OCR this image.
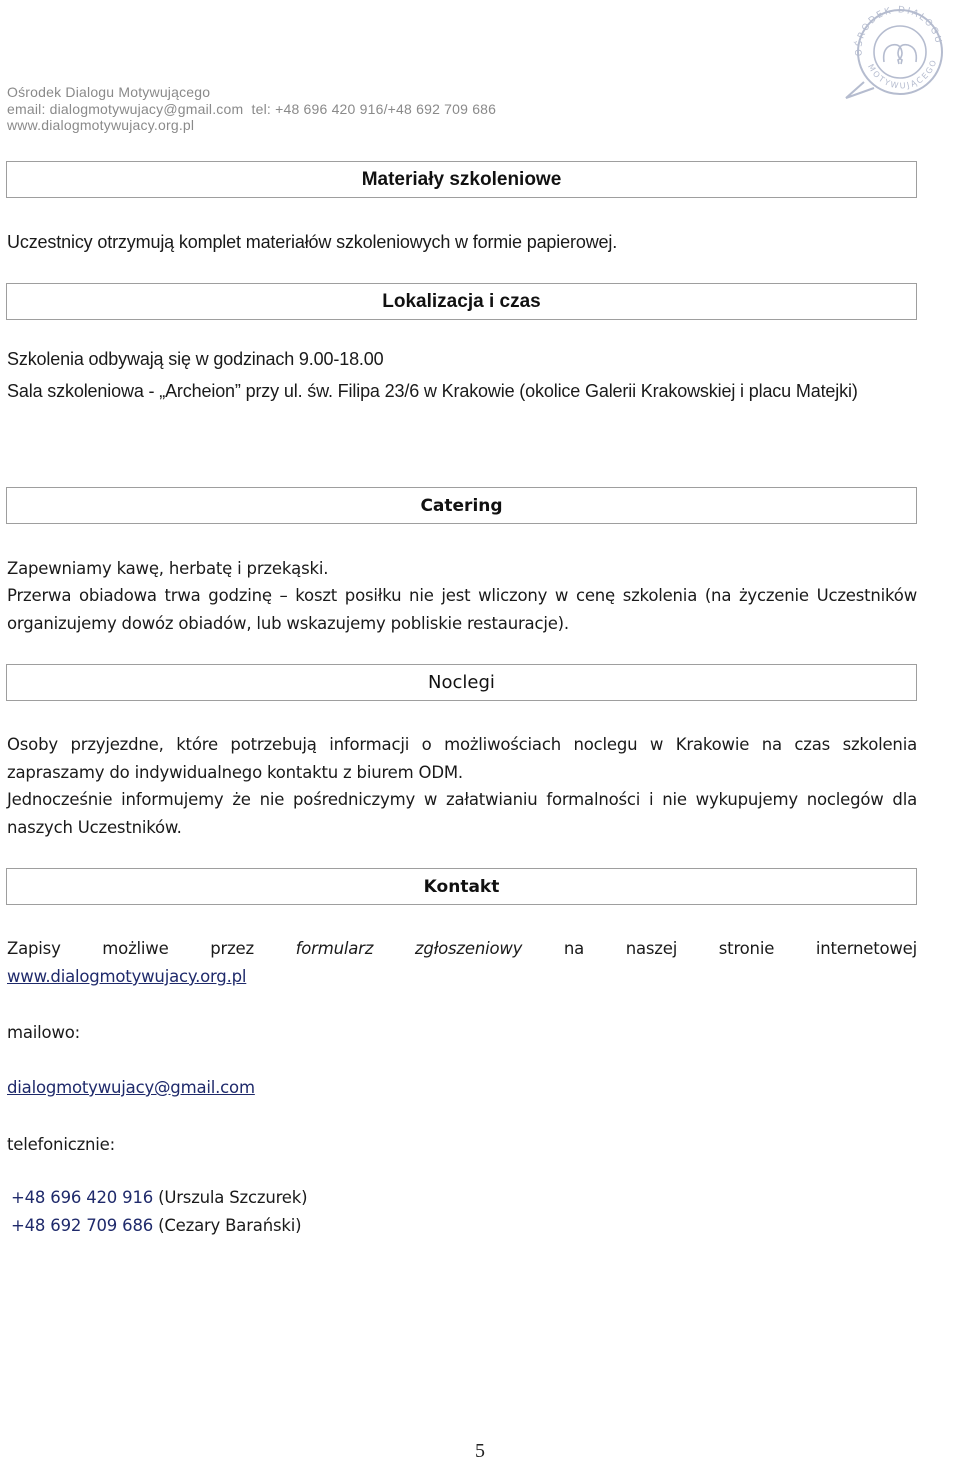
Ośrodek Dialogu Motywującego
email: dialogmotywujacy@gmail.com  tel: +48 696 420 916/+48 692 709 686
www.dialogmotywujacy.org.pl
OŚRODEK DIALOGU
MOTYWUJĄCEGO
Materiały szkoleniowe
Uczestnicy otrzymują komplet materiałów szkoleniowych w formie papierowej.
Lokalizacja i czas
Szkolenia odbywają się w godzinach 9.00-18.00
Sala szkoleniowa - „Archeion” przy ul. św. Filipa 23/6 w Krakowie (okolice Galerii Krakowskiej i placu Matejki)
Catering
Zapewniamy kawę, herbatę i przekąski.
Przerwa obiadowa trwa godzinę – koszt posiłku nie jest wliczony w cenę szkolenia (na życzenie Uczestników organizujemy dowóz obiadów, lub wskazujemy pobliskie restauracje).
Noclegi
Osoby przyjezdne, które potrzebują informacji o możliwościach noclegu w Krakowie na czas szkolenia zapraszamy do indywidualnego kontaktu z biurem ODM.
Jednocześnie informujemy że nie pośredniczymy w załatwianiu formalności i nie wykupujemy noclegów dla naszych Uczestników.
Kontakt
Zapisy możliwe przez	formularz zgłoszeniowy	na naszej stronie internetowej
www.dialogmotywujacy.org.pl
mailowo:
dialogmotywujacy@gmail.com
telefonicznie:
+48 696 420 916 (Urszula Szczurek)
+48 692 709 686 (Cezary Barański)
5
